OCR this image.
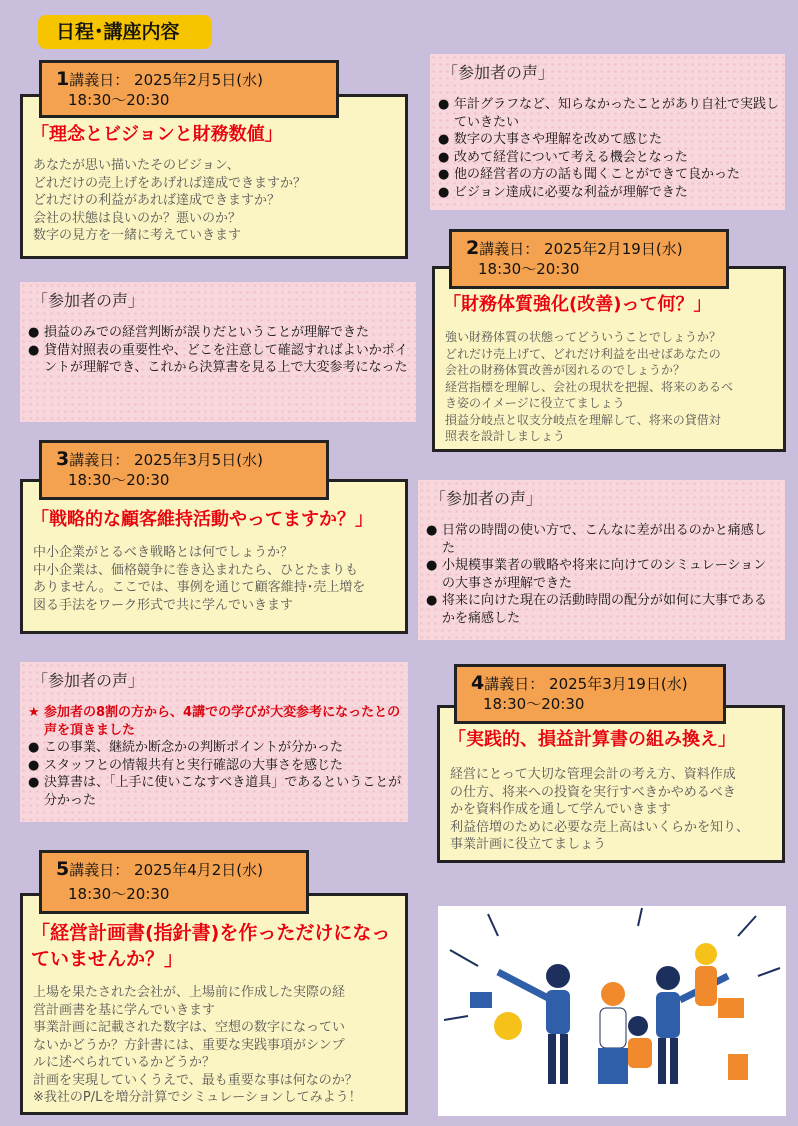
日程･講座内容
1講義日： 2025年2月5日(水)
18:30～20:30

「理念とビジョンと財務数値」

あなたが思い描いたそのビジョン、
どれだけの売上げをあげれば達成できますか？
どれだけの利益があれば達成できますか？
会社の状態は良いのか？悪いのか？
数字の見方を一緒に考えていきます

「参加者の声」
● 年計グラフなど、知らなかったことがあり自社で実践していきたい
● 数字の大事さや理解を改めて感じた
● 改めて経営について考える機会となった
● 他の経営者の方の話も聞くことができて良かった
● ビジョン達成に必要な利益が理解できた
「参加者の声」
● 損益のみでの経営判断が誤りだということが理解できた
● 貸借対照表の重要性や、どこを注意して確認すればよいかポイントが理解でき、これから決算書を見る上で大変参考になった
2講義日： 2025年2月19日(水)
18:30～20:30

「財務体質強化(改善)って何？」

強い財務体質の状態ってどういうことでしょうか？
どれだけ売上げて、どれだけ利益を出せばあなたの
会社の財務体質改善が図れるのでしょうか？
経営指標を理解し、会社の現状を把握、将来のあるべ
き姿のイメージに役立てましょう
損益分岐点と収支分岐点を理解して、将来の貸借対
照表を設計しましょう

3講義日： 2025年3月5日(水)
18:30～20:30

「戦略的な顧客維持活動やってますか？」

中小企業がとるべき戦略とは何でしょうか？
中小企業は、価格競争に巻き込まれたら、ひとたまりも
ありません。ここでは、事例を通じて顧客維持･売上増を
図る手法をワーク形式で共に学んでいきます

「参加者の声」
● 日常の時間の使い方で、こんなに差が出るのかと痛感した
● 小規模事業者の戦略や将来に向けてのシミュレーションの大事さが理解できた
● 将来に向けた現在の活動時間の配分が如何に大事であるかを痛感した
「参加者の声」
★ 参加者の8割の方から、4講での学びが大変参考になったとの声を頂きました
● この事業、継続か断念かの判断ポイントが分かった
● スタッフとの情報共有と実行確認の大事さを感じた
● 決算書は、「上手に使いこなすべき道具」であるということが分かった
4講義日： 2025年3月19日(水)
18:30～20:30

「実践的、損益計算書の組み換え」

経営にとって大切な管理会計の考え方、資料作成
の仕方、将来への投資を実行すべきかやめるべき
かを資料作成を通して学んでいきます
利益倍増のために必要な売上高はいくらかを知り、
事業計画に役立てましょう

5講義日： 2025年4月2日(水)
18:30～20:30

「経営計画書(指針書)を作っただけになっていませんか？」

上場を果たされた会社が、上場前に作成した実際の経
営計画書を基に学んでいきます
事業計画に記載された数字は、空想の数字になってい
ないかどうか？方針書には、重要な実践事項がシンプ
ルに述べられているかどうか？
計画を実現していくうえで、最も重要な事は何なのか？
※我社のP/Lを増分計算でシミュレーションしてみよう！
